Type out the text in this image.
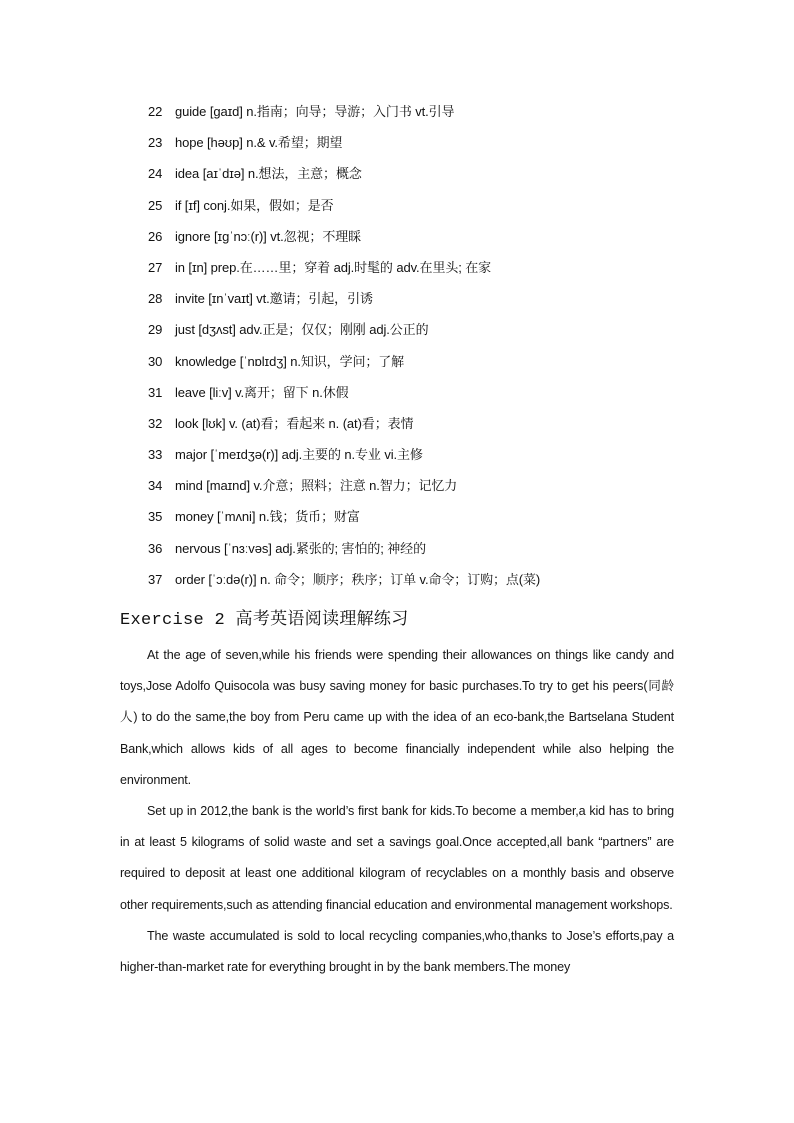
22 guide [gaɪd] n.指南；向导；导游；入门书 vt.引导
23 hope [həʊp] n.& v.希望；期望
24 idea [aɪˈdɪə] n.想法，主意；概念
25 if [ɪf] conj.如果，假如；是否
26 ignore [ɪɡˈnɔː(r)] vt.忽视；不理睬
27 in [ɪn] prep.在……里；穿着 adj.时髦的 adv.在里头; 在家
28 invite [ɪnˈvaɪt] vt.邀请；引起，引诱
29 just [dʒʌst] adv.正是；仅仅；刚刚 adj.公正的
30 knowledge [ˈnɒlɪdʒ] n.知识，学问；了解
31 leave [liːv] v.离开；留下 n.休假
32 look [lʊk] v. (at)看；看起来 n. (at)看；表情
33 major [ˈmeɪdʒə(r)] adj.主要的 n.专业 vi.主修
34 mind [maɪnd] v.介意；照料；注意 n.智力；记忆力
35 money [ˈmʌni] n.钱；货币；财富
36 nervous [ˈnɜːvəs] adj.紧张的; 害怕的; 神经的
37 order [ˈɔːdə(r)] n. 命令；顺序；秩序；订单 v.命令；订购；点(菜)
Exercise 2 高考英语阅读理解练习

At the age of seven,while his friends were spending their allowances on things like candy and toys,Jose Adolfo Quisocola was busy saving money for basic purchases.To try to get his peers(同龄人) to do the same,the boy from Peru came up with the idea of an eco-bank,the Bartselana Student Bank,which allows kids of all ages to become financially independent while also helping the environment.

Set up in 2012,the bank is the world’s first bank for kids.To become a member,a kid has to bring in at least 5 kilograms of solid waste and set a savings goal.Once accepted,all bank “partners” are required to deposit at least one additional kilogram of recyclables on a monthly basis and observe other requirements,such as attending financial education and environmental management workshops.

The waste accumulated is sold to local recycling companies,who,thanks to Jose’s efforts,pay a higher-than-market rate for everything brought in by the bank members.The money
